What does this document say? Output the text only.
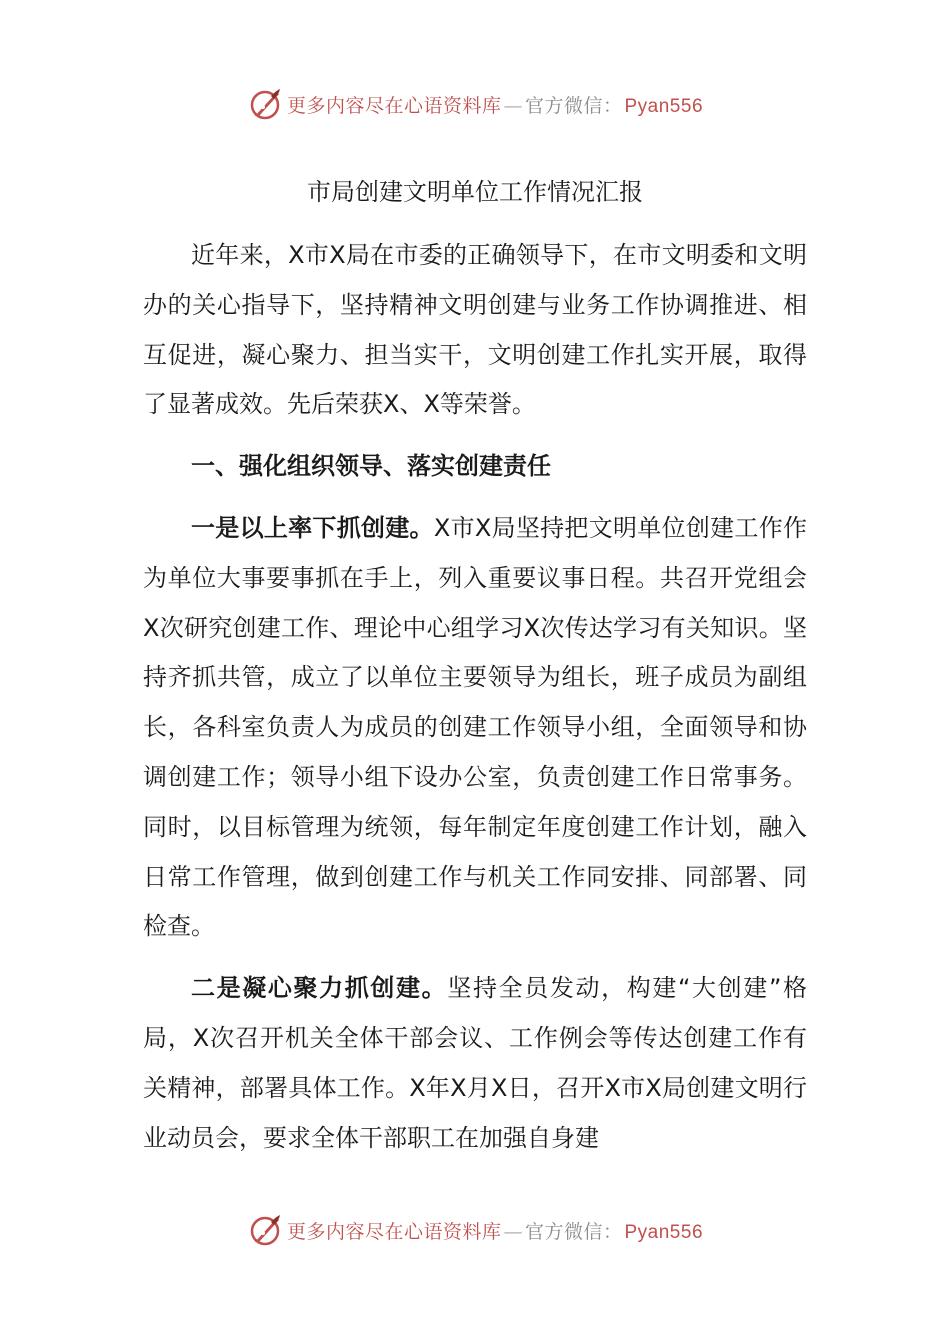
更多内容尽在心语资料库 — 官方微信： Pyan556
市局创建文明单位工作情况汇报

近年来，X市X局在市委的正确领导下，在市文明委和文明办的关心指导下，坚持精神文明创建与业务工作协调推进、相互促进，凝心聚力、担当实干，文明创建工作扎实开展，取得了显著成效。先后荣获X、X等荣誉。

一、强化组织领导、落实创建责任

一是以上率下抓创建。X市X局坚持把文明单位创建工作作为单位大事要事抓在手上，列入重要议事日程。共召开党组会X次研究创建工作、理论中心组学习X次传达学习有关知识。坚持齐抓共管，成立了以单位主要领导为组长，班子成员为副组长，各科室负责人为成员的创建工作领导小组，全面领导和协调创建工作；领导小组下设办公室，负责创建工作日常事务。同时，以目标管理为统领，每年制定年度创建工作计划，融入日常工作管理，做到创建工作与机关工作同安排、同部署、同检查。

二是凝心聚力抓创建。坚持全员发动，构建“大创建”格局，X次召开机关全体干部会议、工作例会等传达创建工作有关精神，部署具体工作。X年X月X日，召开X市X局创建文明行业动员会，要求全体干部职工在加强自身建

更多内容尽在心语资料库 — 官方微信： Pyan556
